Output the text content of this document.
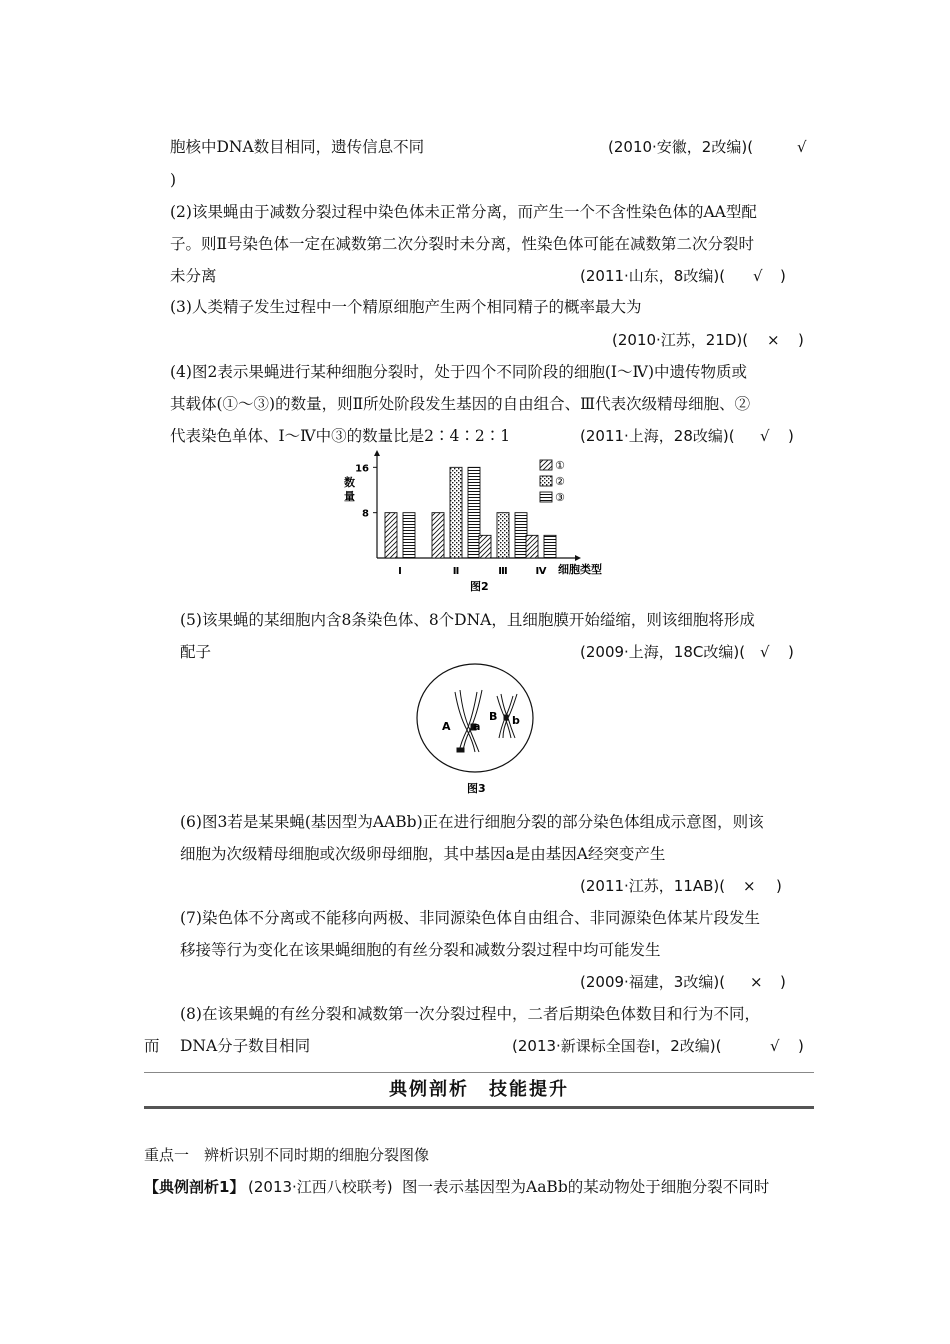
胞核中DNA数目相同，遗传信息不同	(2010·安徽，2改编)(	√
)
(2)该果蝇由于减数分裂过程中染色体未正常分离，而产生一个不含性染色体的AA型配
子。则Ⅱ号染色体一定在减数第二次分裂时未分离，性染色体可能在减数第二次分裂时
未分离	(2011·山东，8改编)( √ )
(3)人类精子发生过程中一个精原细胞产生两个相同精子的概率最大为
(2010·江苏，21D)( × )
(4)图2表示果蝇进行某种细胞分裂时，处于四个不同阶段的细胞(Ⅰ～Ⅳ)中遗传物质或
其载体(①～③)的数量，则Ⅱ所处阶段发生基因的自由组合、Ⅲ代表次级精母细胞、②
代表染色单体、Ⅰ～Ⅳ中③的数量比是2∶4∶2∶1	(2011·上海，28改编)( √ )
8
16
Ⅰ	Ⅱ	Ⅲ	Ⅳ
①
②
③
数
量
细胞类型
图2
(5)该果蝇的某细胞内含8条染色体、8个DNA，且细胞膜开始缢缩，则该细胞将形成
配子	(2009·上海，18C改编)( √ )
A a
B b
图3
(6)图3若是某果蝇(基因型为AABb)正在进行细胞分裂的部分染色体组成示意图，则该
细胞为次级精母细胞或次级卵母细胞，其中基因a是由基因A经突变产生
(2011·江苏，11AB)( × )
(7)染色体不分离或不能移向两极、非同源染色体自由组合、非同源染色体某片段发生
移接等行为变化在该果蝇细胞的有丝分裂和减数分裂过程中均可能发生
(2009·福建，3改编)( × )
(8)在该果蝇的有丝分裂和减数第一次分裂过程中，二者后期染色体数目和行为不同，
而 DNA分子数目相同	(2013·新课标全国卷Ⅰ，2改编)(	√ )
典例剖析　技能提升
重点一　辨析识别不同时期的细胞分裂图像
【典例剖析1】 (2013·江西八校联考) 图一表示基因型为AaBb的某动物处于细胞分裂不同时
